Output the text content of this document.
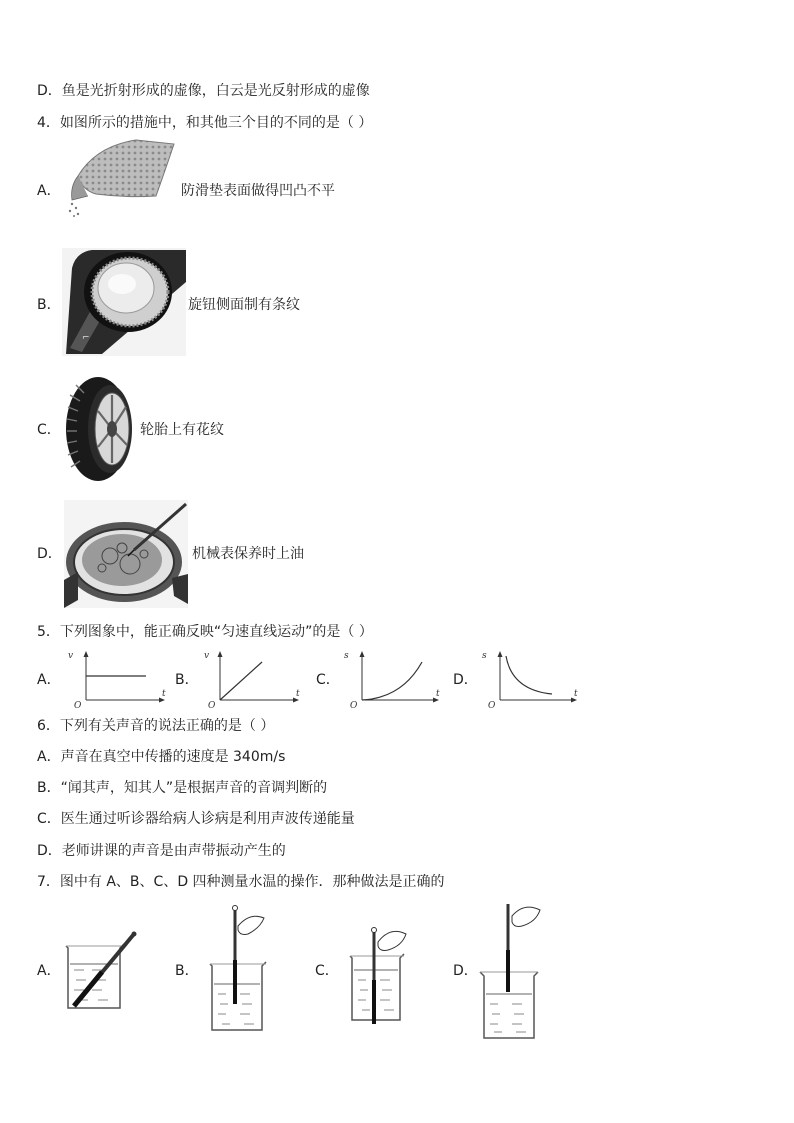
D．鱼是光折射形成的虚像，白云是光反射形成的虚像
4．如图所示的措施中，和其他三个目的不同的是（ ）
A．	防滑垫表面做得凹凸不平
B．
⌐
旋钮侧面制有条纹
C．	轮胎上有花纹
D．	机械表保养时上油
5．下列图象中，能正确反映“匀速直线运动”的是（ ）
A．
v
t
O
B．
v
t
O
C．
s
t
O
D．
s
t
O
6．下列有关声音的说法正确的是（ ）
A．声音在真空中传播的速度是 340m/s
B．“闻其声，知其人”是根据声音的音调判断的
C．医生通过听诊器给病人诊病是利用声波传递能量
D．老师讲课的声音是由声带振动产生的
7．图中有 A、B、C、D 四种测量水温的操作．那种做法是正确的
A．	B．	C．	D．
